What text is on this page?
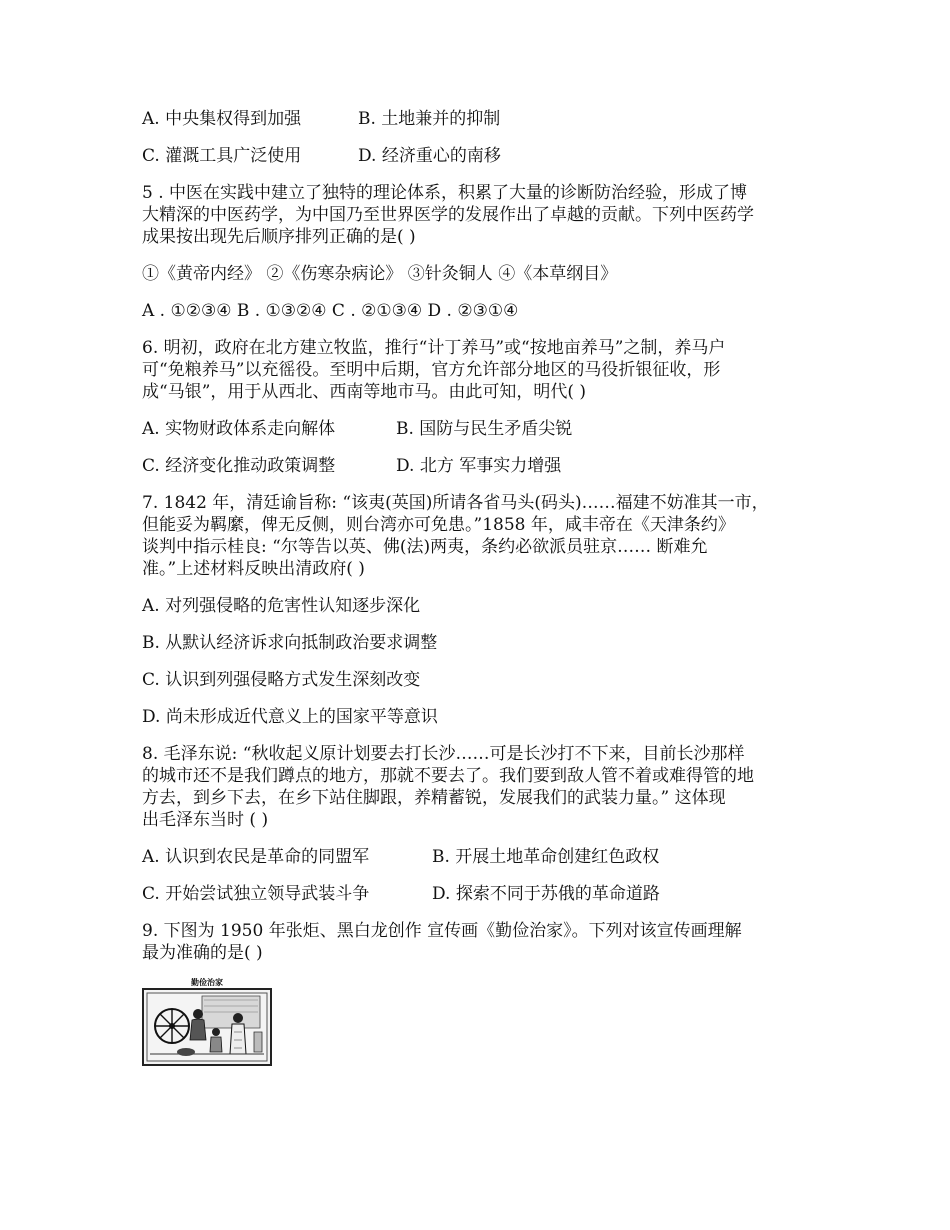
A. 中央集权得到加强	B. 土地兼并的抑制
C. 灌溉工具广泛使用	D. 经济重心的南移
5 . 中医在实践中建立了独特的理论体系，积累了大量的诊断防治经验，形成了博
大精深的中医药学，为中国乃至世界医学的发展作出了卓越的贡献。下列中医药学
成果按出现先后顺序排列正确的是( )
①《黄帝内经》 ②《伤寒杂病论》 ③针灸铜人 ④《本草纲目》
A . ①②③④ B . ①③②④ C . ②①③④ D . ②③①④
6. 明初，政府在北方建立牧监，推行“计丁养马”或“按地亩养马”之制，养马户
可“免粮养马”以充徭役。至明中后期，官方允许部分地区的马役折银征收，形
成“马银”，用于从西北、西南等地市马。由此可知，明代( )
A. 实物财政体系走向解体	B. 国防与民生矛盾尖锐
C. 经济变化推动政策调整	D. 北方 军事实力增强
7. 1842 年，清廷谕旨称: “该夷(英国)所请各省马头(码头)……福建不妨准其一市，
但能妥为羁縻，俾无反侧，则台湾亦可免患。”1858 年，咸丰帝在《天津条约》
谈判中指示桂良: “尔等告以英、佛(法)两夷，条约必欲派员驻京…… 断难允
准。”上述材料反映出清政府( )
A. 对列强侵略的危害性认知逐步深化
B. 从默认经济诉求向抵制政治要求调整
C. 认识到列强侵略方式发生深刻改变
D. 尚未形成近代意义上的国家平等意识
8. 毛泽东说: “秋收起义原计划要去打长沙……可是长沙打不下来，目前长沙那样
的城市还不是我们蹲点的地方，那就不要去了。我们要到敌人管不着或难得管的地
方去，到乡下去，在乡下站住脚跟，养精蓄锐，发展我们的武装力量。” 这体现
出毛泽东当时 ( )
A. 认识到农民是革命的同盟军	B. 开展土地革命创建红色政权
C. 开始尝试独立领导武装斗争	D. 探索不同于苏俄的革命道路
9. 下图为 1950 年张炬、黑白龙创作 宣传画《勤俭治家》。下列对该宣传画理解
最为准确的是( )
勤俭治家
